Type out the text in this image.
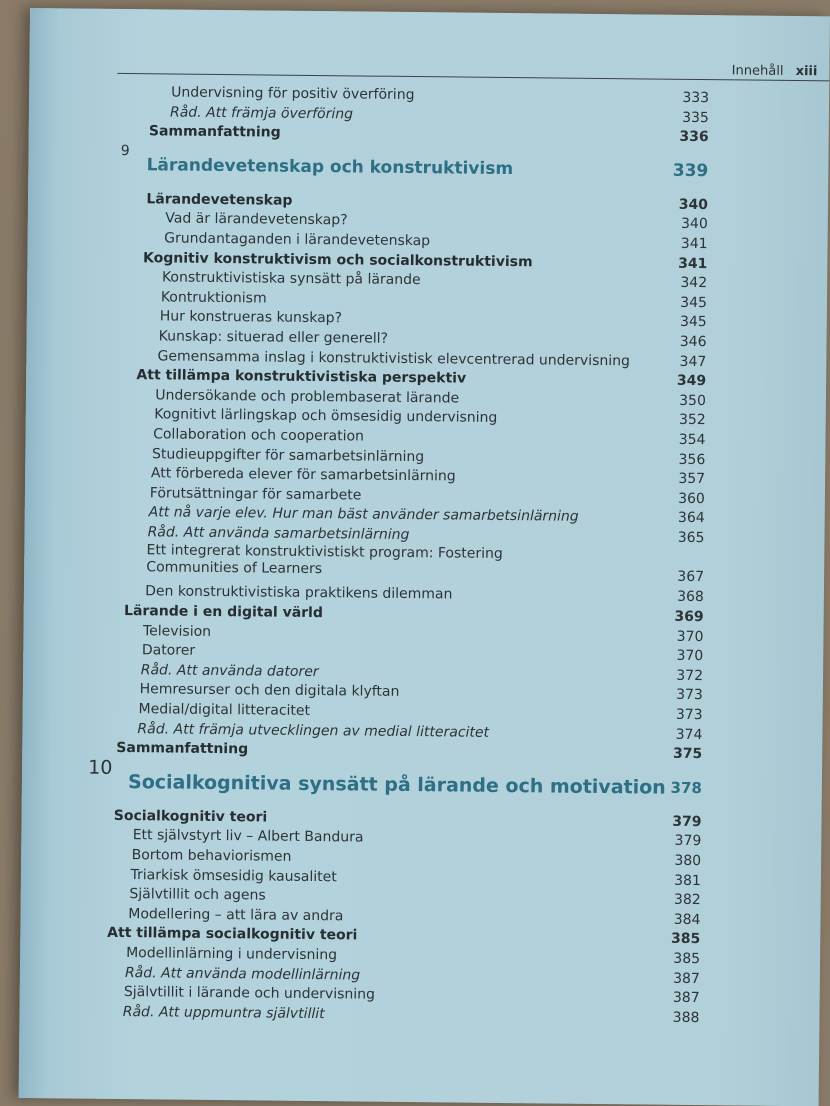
Innehåll xiii
Undervisning för positiv överföring	333
Råd. Att främja överföring	335
Sammanfattning	336
9
Lärandevetenskap och konstruktivism	339
Lärandevetenskap	340
Vad är lärandevetenskap?	340
Grundantaganden i lärandevetenskap	341
Kognitiv konstruktivism och socialkonstruktivism	341
Konstruktivistiska synsätt på lärande	342
Kontruktionism	345
Hur konstrueras kunskap?	345
Kunskap: situerad eller generell?	346
Gemensamma inslag i konstruktivistisk elevcentrerad undervisning	347
Att tillämpa konstruktivistiska perspektiv	349
Undersökande och problembaserat lärande	350
Kognitivt lärlingskap och ömsesidig undervisning	352
Collaboration och cooperation	354
Studieuppgifter för samarbetsinlärning	356
Att förbereda elever för samarbetsinlärning	357
Förutsättningar för samarbete	360
Att nå varje elev. Hur man bäst använder samarbetsinlärning	364
Råd. Att använda samarbetsinlärning	365
Ett integrerat konstruktivistiskt program: Fostering Communities of Learners	367
Den konstruktivistiska praktikens dilemman	368
Lärande i en digital värld	369
Television	370
Datorer	370
Råd. Att använda datorer	372
Hemresurser och den digitala klyftan	373
Medial/digital litteracitet	373
Råd. Att främja utvecklingen av medial litteracitet	374
Sammanfattning	375
10
Socialkognitiva synsätt på lärande och motivation 378
Socialkognitiv teori	379
Ett självstyrt liv – Albert Bandura	379
Bortom behaviorismen	380
Triarkisk ömsesidig kausalitet	381
Självtillit och agens	382
Modellering – att lära av andra	384
Att tillämpa socialkognitiv teori	385
Modellinlärning i undervisning	385
Råd. Att använda modellinlärning	387
Självtillit i lärande och undervisning	387
Råd. Att uppmuntra självtillit	388
